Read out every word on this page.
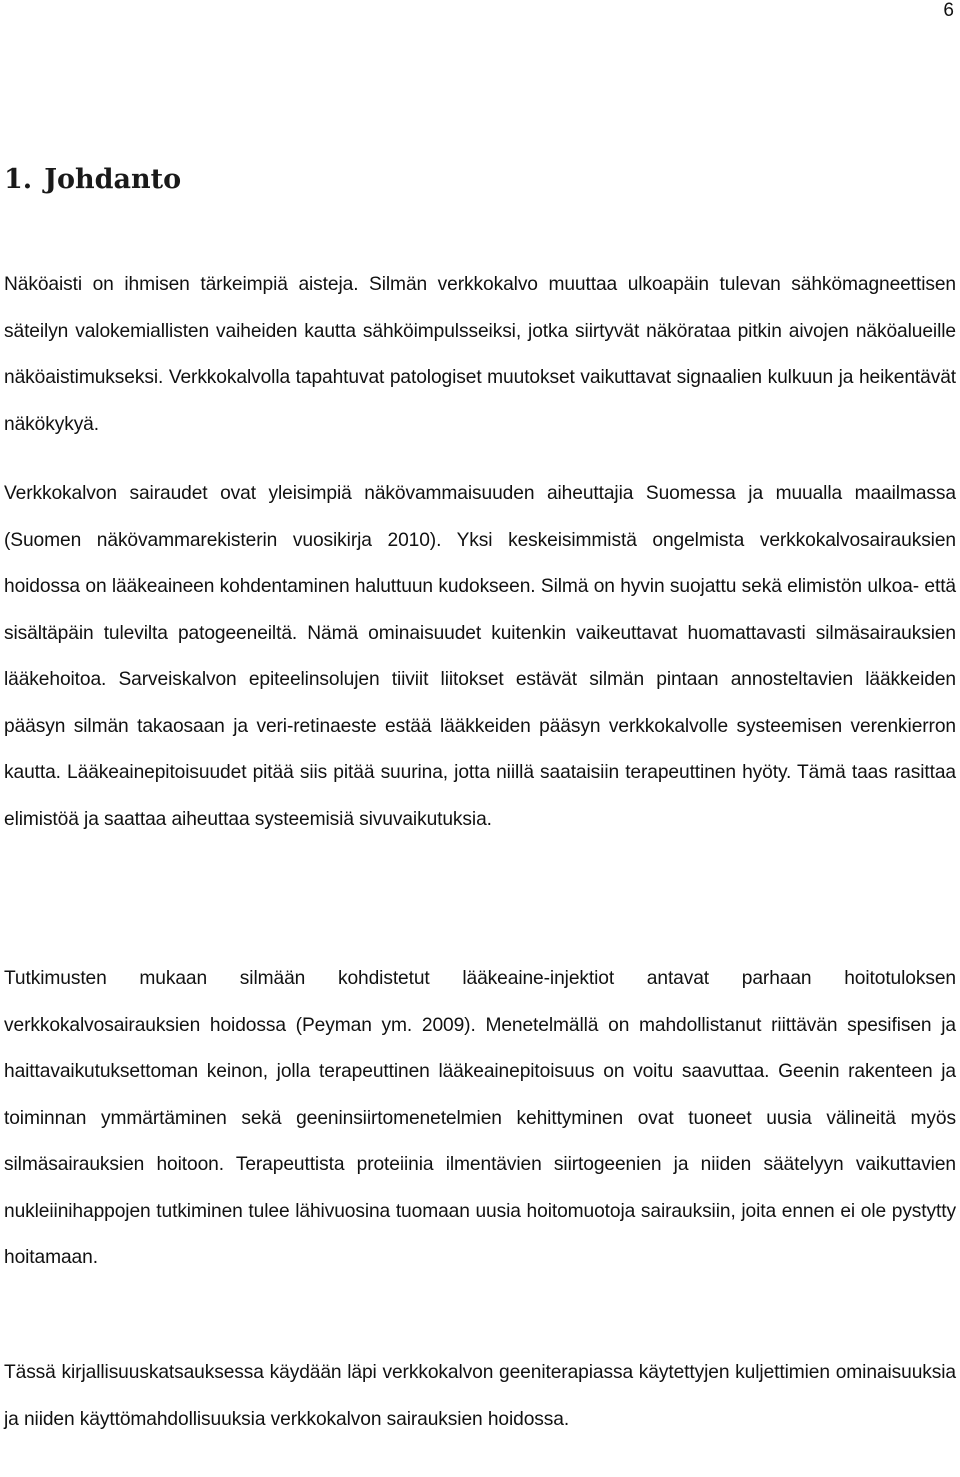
6
1. Johdanto

Näköaisti on ihmisen tärkeimpiä aisteja. Silmän verkkokalvo muuttaa ulkoapäin tulevan sähkömagneettisen säteilyn valokemiallisten vaiheiden kautta sähköimpulsseiksi, jotka siirtyvät näkörataa pitkin aivojen näköalueille näköaistimukseksi. Verkkokalvolla tapahtuvat patologiset muutokset vaikuttavat signaalien kulkuun ja heikentävät näkökykyä.

Verkkokalvon sairaudet ovat yleisimpiä näkövammaisuuden aiheuttajia Suomessa ja muualla maailmassa (Suomen näkövammarekisterin vuosikirja 2010). Yksi keskeisimmistä ongelmista verkkokalvosairauksien hoidossa on lääkeaineen kohdentaminen haluttuun kudokseen. Silmä on hyvin suojattu sekä elimistön ulkoa- että sisältäpäin tulevilta patogeeneiltä. Nämä ominaisuudet kuitenkin vaikeuttavat huomattavasti silmäsairauksien lääkehoitoa. Sarveiskalvon epiteelinsolujen tiiviit liitokset estävät silmän pintaan annosteltavien lääkkeiden pääsyn silmän takaosaan ja veri-retinaeste estää lääkkeiden pääsyn verkkokalvolle systeemisen verenkierron kautta. Lääkeainepitoisuudet pitää siis pitää suurina, jotta niillä saataisiin terapeuttinen hyöty. Tämä taas rasittaa elimistöä ja saattaa aiheuttaa systeemisiä sivuvaikutuksia.

Tutkimusten mukaan silmään kohdistetut lääkeaine-injektiot antavat parhaan hoitotuloksen verkkokalvosairauksien hoidossa (Peyman ym. 2009). Menetelmällä on mahdollistanut riittävän spesifisen ja haittavaikutuksettoman keinon, jolla terapeuttinen lääkeainepitoisuus on voitu saavuttaa. Geenin rakenteen ja toiminnan ymmärtäminen sekä geeninsiirtomenetelmien kehittyminen ovat tuoneet uusia välineitä myös silmäsairauksien hoitoon. Terapeuttista proteiinia ilmentävien siirtogeenien ja niiden säätelyyn vaikuttavien nukleiinihappojen tutkiminen tulee lähivuosina tuomaan uusia hoitomuotoja sairauksiin, joita ennen ei ole pystytty hoitamaan.

Tässä kirjallisuuskatsauksessa käydään läpi verkkokalvon geeniterapiassa käytettyjen kuljettimien ominaisuuksia ja niiden käyttömahdollisuuksia verkkokalvon sairauksien hoidossa.
